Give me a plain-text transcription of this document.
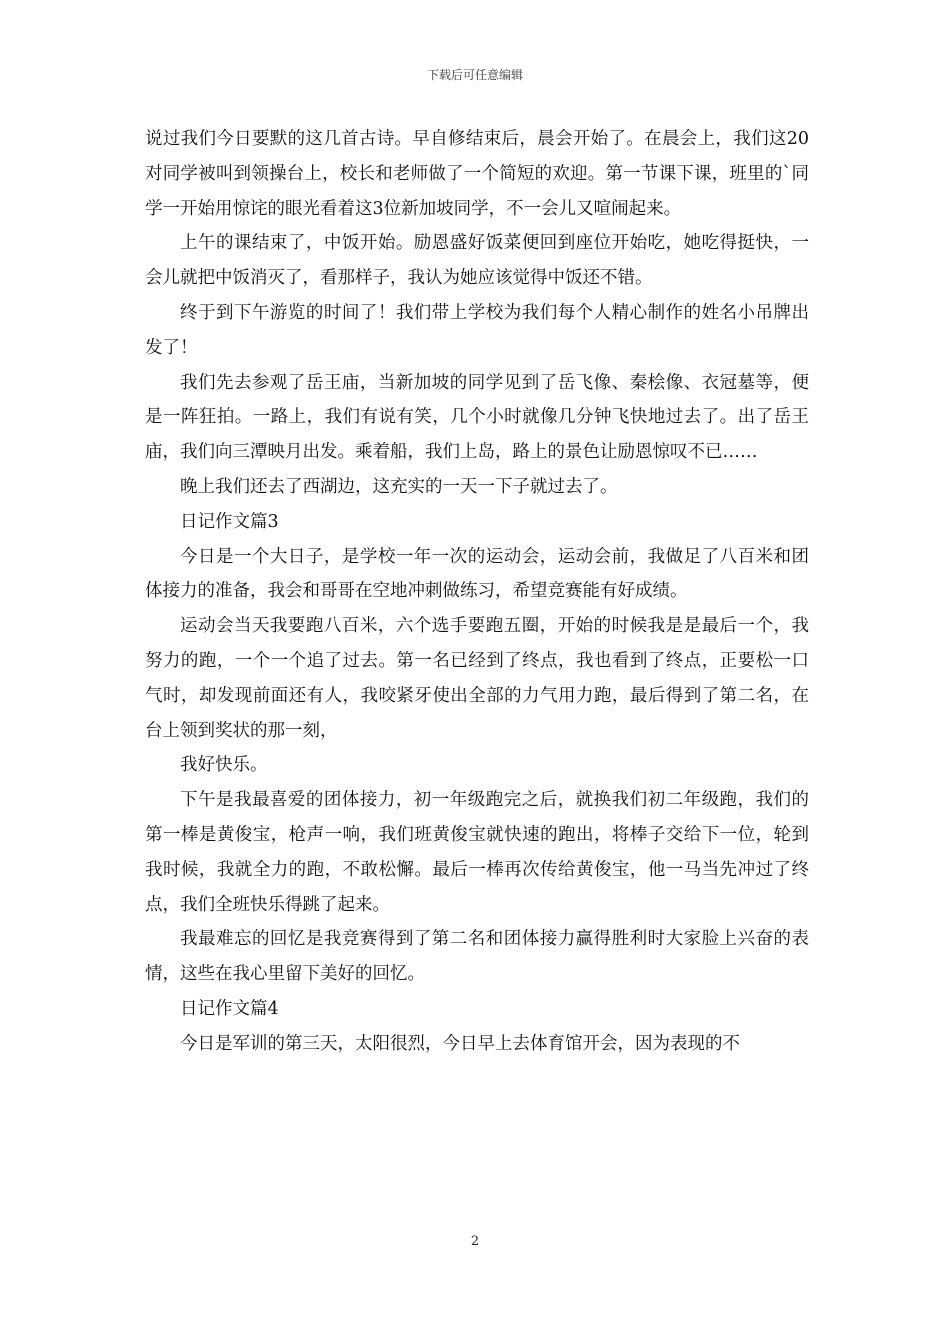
下载后可任意编辑

说过我们今日要默的这几首古诗。早自修结束后，晨会开始了。在晨会上，我们这20对同学被叫到领操台上，校长和老师做了一个简短的欢迎。第一节课下课，班里的`同学一开始用惊诧的眼光看着这3位新加坡同学，不一会儿又喧闹起来。

上午的课结束了，中饭开始。励恩盛好饭菜便回到座位开始吃，她吃得挺快，一会儿就把中饭消灭了，看那样子，我认为她应该觉得中饭还不错。

终于到下午游览的时间了！我们带上学校为我们每个人精心制作的姓名小吊牌出发了！

我们先去参观了岳王庙，当新加坡的同学见到了岳飞像、秦桧像、衣冠墓等，便是一阵狂拍。一路上，我们有说有笑，几个小时就像几分钟飞快地过去了。出了岳王庙，我们向三潭映月出发。乘着船，我们上岛，路上的景色让励恩惊叹不已……

晚上我们还去了西湖边，这充实的一天一下子就过去了。

日记作文篇3

今日是一个大日子，是学校一年一次的运动会，运动会前，我做足了八百米和团体接力的准备，我会和哥哥在空地冲刺做练习，希望竞赛能有好成绩。

运动会当天我要跑八百米，六个选手要跑五圈，开始的时候我是是最后一个，我努力的跑，一个一个追了过去。第一名已经到了终点，我也看到了终点，正要松一口气时，却发现前面还有人，我咬紧牙使出全部的力气用力跑，最后得到了第二名，在台上领到奖状的那一刻，

我好快乐。

下午是我最喜爱的团体接力，初一年级跑完之后，就换我们初二年级跑，我们的第一棒是黄俊宝，枪声一响，我们班黄俊宝就快速的跑出，将棒子交给下一位，轮到我时候，我就全力的跑，不敢松懈。最后一棒再次传给黄俊宝，他一马当先冲过了终点，我们全班快乐得跳了起来。

我最难忘的回忆是我竞赛得到了第二名和团体接力赢得胜利时大家脸上兴奋的表情，这些在我心里留下美好的回忆。

日记作文篇4

今日是军训的第三天，太阳很烈，今日早上去体育馆开会，因为表现的不

2
